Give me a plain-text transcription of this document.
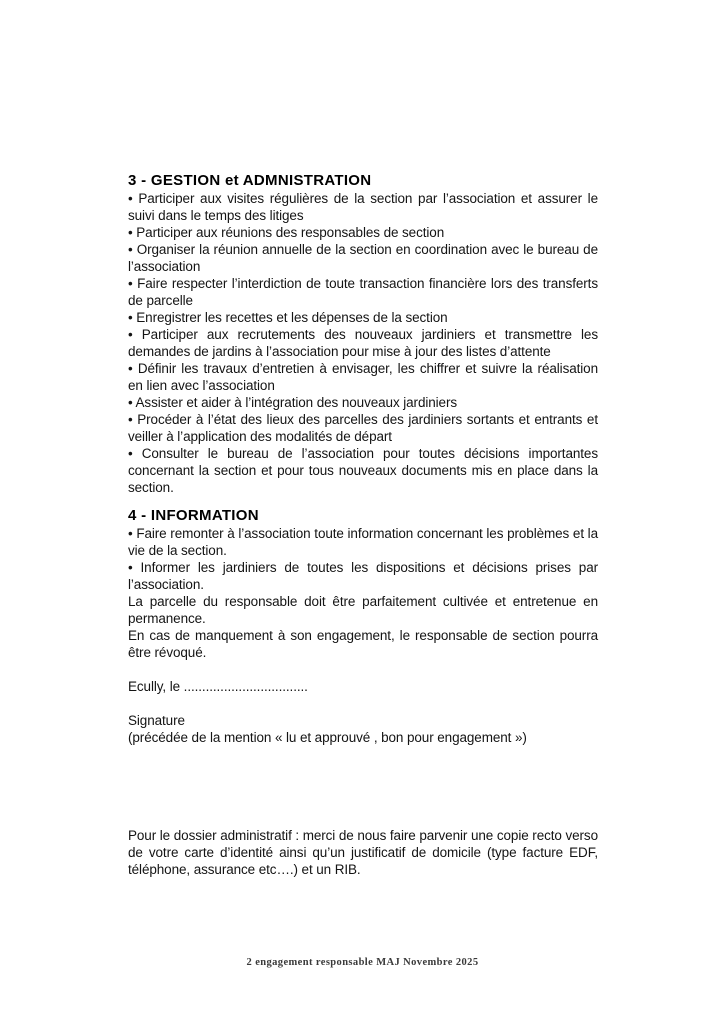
3 - GESTION et ADMNISTRATION

• Participer aux visites régulières de la section par l’association et assurer le suivi dans le temps des litiges

• Participer aux réunions des responsables de section

• Organiser la réunion annuelle de la section en coordination avec le bureau de l’association

• Faire respecter l’interdiction de toute transaction financière lors des transferts de parcelle

• Enregistrer les recettes et les dépenses de la section

• Participer aux recrutements des nouveaux jardiniers et transmettre les demandes de jardins à l’association pour mise à jour des listes d’attente

• Définir les travaux d’entretien à envisager, les chiffrer et suivre la réalisation en lien avec l’association

• Assister et aider à l’intégration des nouveaux jardiniers

• Procéder à l’état des lieux des parcelles des jardiniers sortants et entrants et veiller à l’application des modalités de départ

• Consulter le bureau de l’association pour toutes décisions importantes concernant la section et pour tous nouveaux documents mis en place dans la section.

4 - INFORMATION

• Faire remonter à l’association toute information concernant les problèmes et la vie de la section.

• Informer les jardiniers de toutes les dispositions et décisions prises par l’association.

La parcelle du responsable doit être parfaitement cultivée et entretenue en permanence.

En cas de manquement à son engagement, le responsable de section pourra être révoqué.

Ecully, le ..................................

Signature

(précédée de la mention « lu et approuvé , bon pour engagement »)

Pour le dossier administratif : merci de nous faire parvenir une copie recto verso de votre carte d’identité ainsi qu’un justificatif de domicile (type facture EDF, téléphone, assurance etc….) et un RIB.

2 engagement responsable MAJ Novembre 2025
